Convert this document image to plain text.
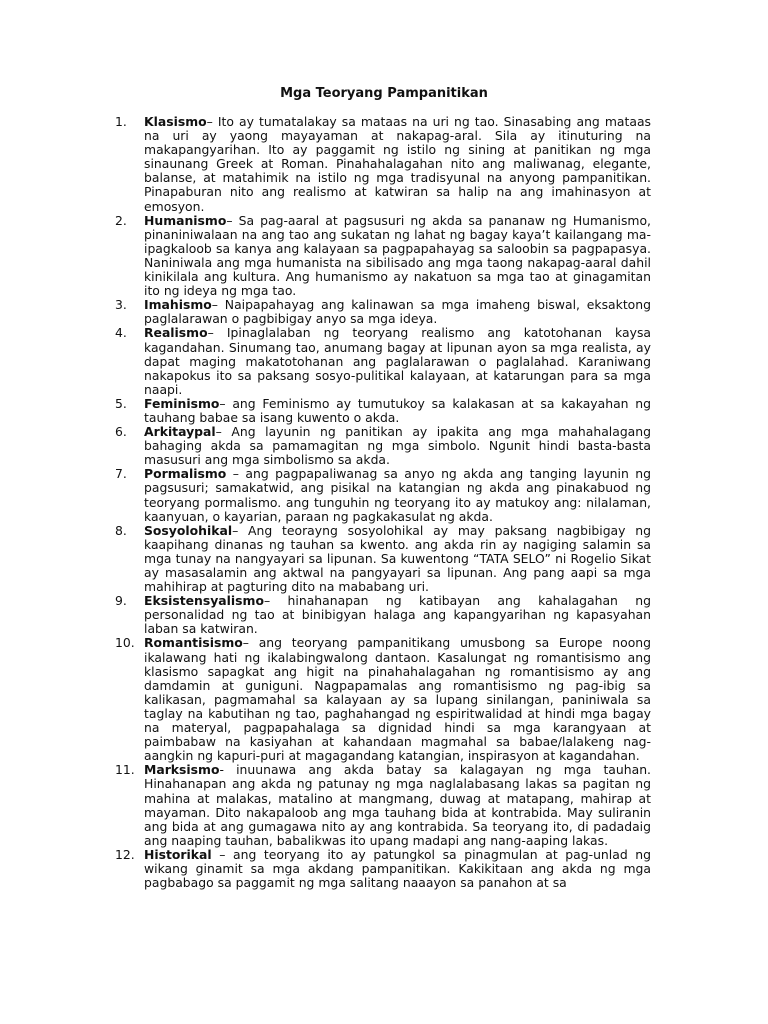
Mga Teoryang Pampanitikan
1. Klasismo– Ito ay tumatalakay sa mataas na uri ng tao. Sinasabing ang mataas na uri ay yaong mayayaman at nakapag-aral. Sila ay itinuturing na makapangyarihan. Ito ay paggamit ng istilo ng sining at panitikan ng mga sinaunang Greek at Roman. Pinahahalagahan nito ang maliwanag, elegante, balanse, at matahimik na istilo ng mga tradisyunal na anyong pampanitikan. Pinapaburan nito ang realismo at katwiran sa halip na ang imahinasyon at emosyon.
2. Humanismo– Sa pag-aaral at pagsusuri ng akda sa pananaw ng Humanismo, pinaniniwalaan na ang tao ang sukatan ng lahat ng bagay kaya’t kailangang ma-ipagkaloob sa kanya ang kalayaan sa pagpapahayag sa saloobin sa pagpapasya. Naniniwala ang mga humanista na sibilisado ang mga taong nakapag-aaral dahil kinikilala ang kultura. Ang humanismo ay nakatuon sa mga tao at ginagamitan ito ng ideya ng mga tao.
3. Imahismo– Naipapahayag ang kalinawan sa mga imaheng biswal, eksaktong paglalarawan o pagbibigay anyo sa mga ideya.
4. Realismo– Ipinaglalaban ng teoryang realismo ang katotohanan kaysa kagandahan. Sinumang tao, anumang bagay at lipunan ayon sa mga realista, ay dapat maging makatotohanan ang paglalarawan o paglalahad. Karaniwang nakapokus ito sa paksang sosyo-pulitikal kalayaan, at katarungan para sa mga naapi.
5. Feminismo– ang Feminismo ay tumutukoy sa kalakasan at sa kakayahan ng tauhang babae sa isang kuwento o akda.
6. Arkitaypal– Ang layunin ng panitikan ay ipakita ang mga mahahalagang bahaging akda sa pamamagitan ng mga simbolo. Ngunit hindi basta-basta masusuri ang mga simbolismo sa akda.
7. Pormalismo – ang pagpapaliwanag sa anyo ng akda ang tanging layunin ng pagsusuri; samakatwid, ang pisikal na katangian ng akda ang pinakabuod ng teoryang pormalismo. ang tunguhin ng teoryang ito ay matukoy ang: nilalaman, kaanyuan, o kayarian, paraan ng pagkakasulat ng akda.
8. Sosyolohikal– Ang teorayng sosyolohikal ay may paksang nagbibigay ng kaapihang dinanas ng tauhan sa kwento. ang akda rin ay nagiging salamin sa mga tunay na nangyayari sa lipunan. Sa kuwentong “TATA SELO” ni Rogelio Sikat ay masasalamin ang aktwal na pangyayari sa lipunan. Ang pang aapi sa mga mahihirap at pagturing dito na mababang uri.
9. Eksistensyalismo– hinahanapan ng katibayan ang kahalagahan ng personalidad ng tao at binibigyan halaga ang kapangyarihan ng kapasyahan laban sa katwiran.
10. Romantisismo– ang teoryang pampanitikang umusbong sa Europe noong ikalawang hati ng ikalabingwalong dantaon. Kasalungat ng romantisismo ang klasismo sapagkat ang higit na pinahahalagahan ng romantisismo ay ang damdamin at guniguni. Nagpapamalas ang romantisismo ng pag-ibig sa kalikasan, pagmamahal sa kalayaan ay sa lupang sinilangan, paniniwala sa taglay na kabutihan ng tao, paghahangad ng espiritwalidad at hindi mga bagay na materyal, pagpapahalaga sa dignidad hindi sa mga karangyaan at paimbabaw na kasiyahan at kahandaan magmahal sa babae/lalakeng nag-aangkin ng kapuri-puri at magagandang katangian, inspirasyon at kagandahan.
11. Marksismo- inuunawa ang akda batay sa kalagayan ng mga tauhan. Hinahanapan ang akda ng patunay ng mga naglalabasang lakas sa pagitan ng mahina at malakas, matalino at mangmang, duwag at matapang, mahirap at mayaman. Dito nakapaloob ang mga tauhang bida at kontrabida. May suliranin ang bida at ang gumagawa nito ay ang kontrabida. Sa teoryang ito, di padadaig ang naaping tauhan, babalikwas ito upang madapi ang nang-aaping lakas.
12. Historikal – ang teoryang ito ay patungkol sa pinagmulan at pag-unlad ng wikang ginamit sa mga akdang pampanitikan. Kakikitaan ang akda ng mga pagbabago sa paggamit ng mga salitang naaayon sa panahon at sa
